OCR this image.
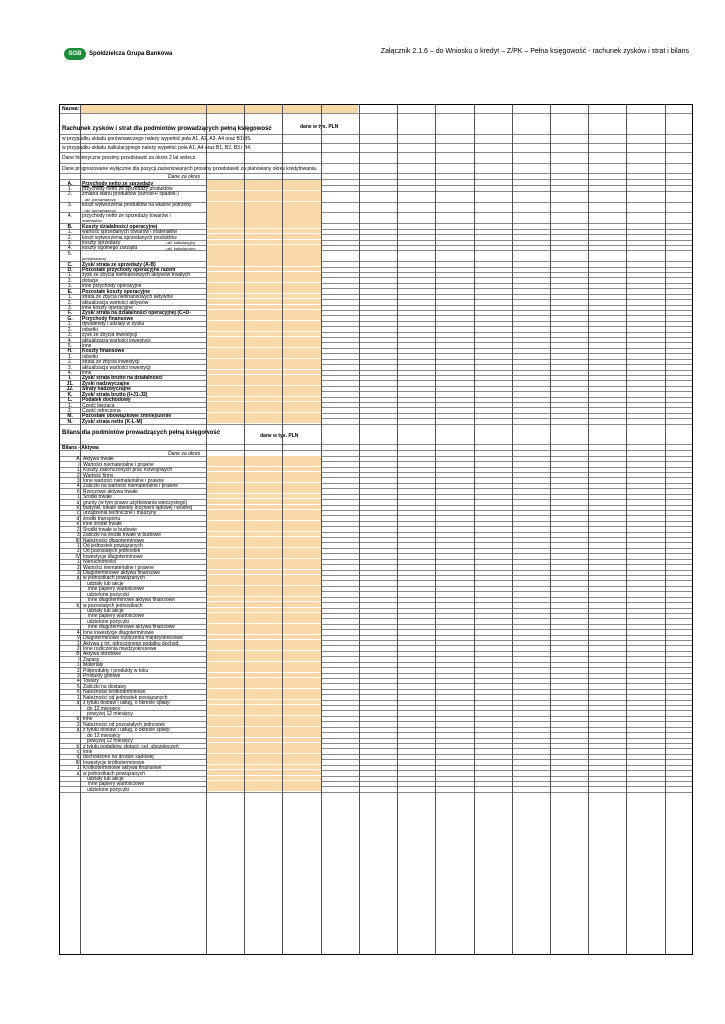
SGB	Spółdzielcza Grupa Bankowa	Załącznik 2.1.6 – do Wniosku o kredyt – Z/PK – Pełna księgowość - rachunek zysków i strat i bilans
Nazwa:
Rachunek zysków i strat dla podmiotów prowadzących pełną księgowość	dane w tys. PLN
w przypadku układu porównawczego należy wypełnić pola A1, A2, A3, A4 oraz B1\B5.
w przypadku układu kalkulacyjnego należy wypełnić pola A1, A4 oraz B1, B2, B3 i B4.
Dane historyczne prosimy przedstawić za okres 2 lat wstecz.
Dane prognozowane wyłącznie dla pozycji zacieniowanych prosimy przedstawić za planowany okres kredytowania.
Dane za okres
A.	Przychody netto ze sprzedaży
1.	przychody netto ze sprzedaży produktów
2.	zmiana stanu produktów (wzrost+/ spadek-)
- ukł. porównawczy
3.	koszt wytworzenia produktów na własne potrzeby
- ukł. porównawczy
4.	przychody netto ze sprzedaży towarów i
materiałów
B.	Koszty działalności operacyjnej
1.	wartość sprzedanych towarów i materiałów
2.	koszt wytworzenia sprzedanych produktów
3.	koszty sprzedaży	- ukł. kalkulacyjny
4.	koszty ogólnego zarządu	- ukł. kalkulacyjny
5.
porównawczy
C.	Zysk/ strata ze sprzedaży (A-B)
D.	Pozostałe przychody operacyjne razem
1.	zysk ze zbycia niefinansowych aktywów trwałych
2.	dotacje
3.	inne przychody operacyjne
E.	Pozostałe koszty operacyjne
1.	strata ze zbycia niefinansowych aktywów
2.	aktualizacja wartości aktywów
3.	inne koszty operacyjne
F.	Zysk/ strata na działalności operacyjnej (C+D-
G.	Przychody finansowe
1.	dywidendy i udziały w zysku
2.	odsetki
3.	zysk ze zbycia inwestycji
4.	aktualizacja wartości inwestycji
5.	inne
H.	Koszty finansowe
1.	odsetki
2.	strata ze zbycia inwestycji
3.	aktualizacja wartości inwestycji
4.	inne
I.	Zysk/ strata brutto na działalności
J1.	Zyski nadzwyczajne
J2.	Straty nadzwyczajne
K.	Zysk/ strata brutto (I+J1-J2)
L.	Podatek dochodowy
1.	Część bieżąca
2.	Część odroczona
M.	Pozostałe obowiązkowe zmniejszenie
N.	Zysk/ strata netto (K-L-M)
Bilans dla podmiotów prowadzących pełną księgowość	dane w tys. PLN
Bilans - Aktywa
Dane za okres
A. Aktywa trwałe
I. Wartości niematerialne i prawne
1. Koszty zakończonych prac rozwojowych
2. Wartość firmy
3. Inne wartości niematerialne i prawne
4. Zaliczki na wartości niematerialne i prawne
II. Rzeczowe aktywa trwałe
1. Środki trwałe
a) grunty (w tym prawo użytkowania wieczystego)
b) budynki, lokale obiekty inżynierii lądowej i wodnej
c) urządzenia techniczne i maszyny
d) środki transportu
e) inne środki trwałe
2. Środki trwałe w budowie
3. Zaliczki na środki trwałe w budowie
III. Należności długoterminowe
1. Od jednostek powiązanych
2. Od pozostałych jednostek
IV. Inwestycje długoterminowe
1. Nieruchomości
2. Wartości niematerialne i prawne
3. Długoterminowe aktywa finansowe
a) w jednostkach powiązanych
udziały lub akcje
inne papiery wartościowe
udzielone pożyczki
inne długoterminowe aktywa finansowe
b) w pozostałych jednostkach
udziały lub akcje
inne papiery wartościowe
udzielone pożyczki
inne długoterminowe aktywa finansowe
4. Inne inwestycje długoterminowe
V. Długoterminowe rozliczenia międzyokresowe
1. Aktywa z tyt. odroczonego podatku dochod.
2. Inne rozliczenia międzyokresowe
B. Aktywa obrotowe
I. Zapasy
1. Materiały
2. Półprodukty i produkty w toku
3. Produkty gotowe
4. Towary
5. Zaliczki na dostawy
II. Należności krótkoterminowe
1. Należności od jednostek powiązanych
a) z tytułu dostaw i usług, o okresie spłaty:
do 12 miesięcy
powyżej 12 miesięcy
b) inne
2. Należności od pozostałych jednostek
a) z tytułu dostaw i usług, o okresie spłaty:
do 12 miesięcy
powyżej 12 miesięcy
b) z tytułu podatków, dotacji, ceł, ubezpieczeń
c) inne
d) dochodzone na drodze sądowej
III. Inwestycje krótkoterminowe
1. Krótkoterminowe aktywa finansowe
a) w jednostkach powiązanych
udziały lub akcje
inne papiery wartościowe
udzielone pożyczki
